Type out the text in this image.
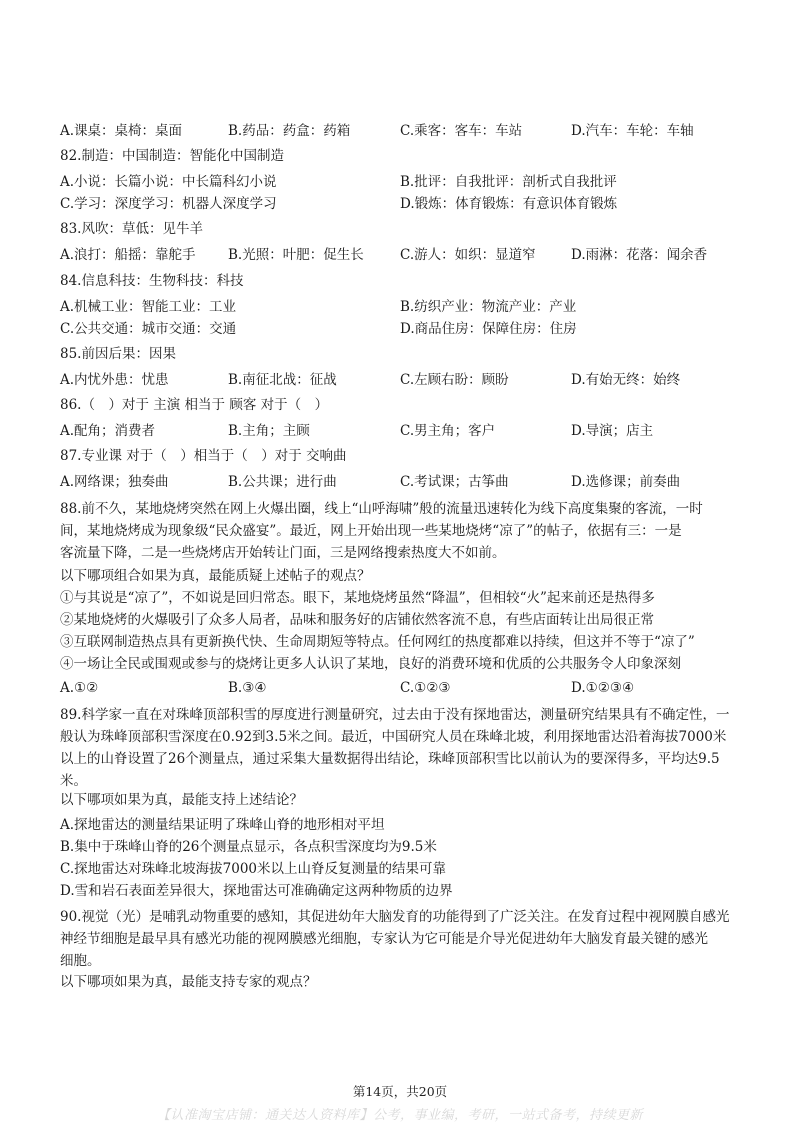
A.课桌：桌椅：桌面	B.药品：药盒：药箱	C.乘客：客车：车站	D.汽车：车轮：车轴
82.制造：中国制造：智能化中国制造
A.小说：长篇小说：中长篇科幻小说	B.批评：自我批评：剖析式自我批评
C.学习：深度学习：机器人深度学习	D.锻炼：体育锻炼：有意识体育锻炼
83.风吹：草低：见牛羊
A.浪打：船摇：靠舵手 B.光照：叶肥：促生长	C.游人：如织：显道窄	D.雨淋：花落：闻余香
84.信息科技：生物科技：科技
A.机械工业：智能工业：工业	B.纺织产业：物流产业：产业
C.公共交通：城市交通：交通	D.商品住房：保障住房：住房
85.前因后果：因果
A.内忧外患：忧患	B.南征北战：征战	C.左顾右盼：顾盼	D.有始无终：始终
86.（　）对于 主演 相当于 顾客 对于（　）
A.配角；消费者	B.主角；主顾	C.男主角；客户	D.导演；店主
87.专业课 对于（　）相当于（　）对于 交响曲
A.网络课；独奏曲	B.公共课；进行曲	C.考试课；古筝曲	D.选修课；前奏曲
88.前不久，某地烧烤突然在网上火爆出圈，线上“山呼海啸”般的流量迅速转化为线下高度集聚的客流，一时
间，某地烧烤成为现象级“民众盛宴”。最近，网上开始出现一些某地烧烤“凉了”的帖子，依据有三：一是
客流量下降，二是一些烧烤店开始转让门面，三是网络搜索热度大不如前。
以下哪项组合如果为真，最能质疑上述帖子的观点？
①与其说是“凉了”，不如说是回归常态。眼下，某地烧烤虽然“降温”，但相较“火”起来前还是热得多
②某地烧烤的火爆吸引了众多人局者，品味和服务好的店铺依然客流不息，有些店面转让出局很正常
③互联网制造热点具有更新换代快、生命周期短等特点。任何网红的热度都难以持续，但这并不等于“凉了”
④一场让全民或围观或参与的烧烤让更多人认识了某地，良好的消费环境和优质的公共服务令人印象深刻
A.①②	B.③④	C.①②③	D.①②③④
89.科学家一直在对珠峰顶部积雪的厚度进行测量研究，过去由于没有探地雷达，测量研究结果具有不确定性，一
般认为珠峰顶部积雪深度在0.92到3.5米之间。最近，中国研究人员在珠峰北坡，利用探地雷达沿着海拔7000米
以上的山脊设置了26个测量点，通过采集大量数据得出结论，珠峰顶部积雪比以前认为的要深得多，平均达9.5
米。
以下哪项如果为真，最能支持上述结论？
A.探地雷达的测量结果证明了珠峰山脊的地形相对平坦
B.集中于珠峰山脊的26个测量点显示，各点积雪深度均为9.5米
C.探地雷达对珠峰北坡海拔7000米以上山脊反复测量的结果可靠
D.雪和岩石表面差异很大，探地雷达可准确确定这两种物质的边界
90.视觉（光）是哺乳动物重要的感知，其促进幼年大脑发育的功能得到了广泛关注。在发育过程中视网膜自感光
神经节细胞是最早具有感光功能的视网膜感光细胞，专家认为它可能是介导光促进幼年大脑发育最关键的感光
细胞。
以下哪项如果为真，最能支持专家的观点？
第14页，共20页
【认准淘宝店铺：通关达人资料库】公考，事业编，考研，一站式备考，持续更新
